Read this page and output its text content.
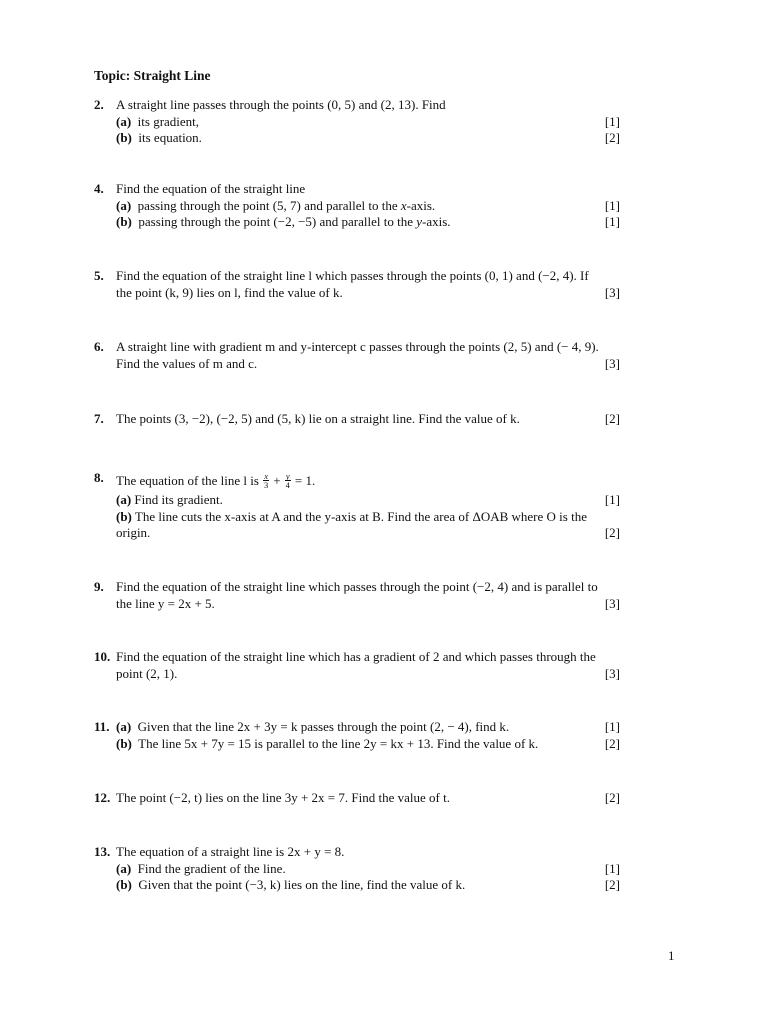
Topic: Straight Line
2. A straight line passes through the points (0, 5) and (2, 13). Find
(a) its gradient,	[1]
(b) its equation.	[2]
4. Find the equation of the straight line
(a) passing through the point (5, 7) and parallel to the x-axis.	[1]
(b) passing through the point (−2, −5) and parallel to the y-axis.	[1]
5. Find the equation of the straight line l which passes through the points (0, 1) and (−2, 4). If
the point (k, 9) lies on l, find the value of k.	[3]
6. A straight line with gradient m and y-intercept c passes through the points (2, 5) and (− 4, 9).
Find the values of m and c.	[3]
7. The points (3, −2), (−2, 5) and (5, k) lie on a straight line. Find the value of k.	[2]
8. The equation of the line l is $\frac{x}{3} + \frac{y}{4} = 1$.
(a) Find its gradient.	[1]
(b) The line cuts the x-axis at A and the y-axis at B. Find the area of ΔOAB where O is the
origin.	[2]
9. Find the equation of the straight line which passes through the point (−2, 4) and is parallel to
the line y = 2x + 5.	[3]
10. Find the equation of the straight line which has a gradient of 2 and which passes through the
point (2, 1).	[3]
11. (a) Given that the line 2x + 3y = k passes through the point (2, − 4), find k.	[1]
(b) The line 5x + 7y = 15 is parallel to the line 2y = kx + 13. Find the value of k.	[2]
12. The point (−2, t) lies on the line 3y + 2x = 7. Find the value of t.	[2]
13. The equation of a straight line is 2x + y = 8.
(a) Find the gradient of the line.	[1]
(b) Given that the point (−3, k) lies on the line, find the value of k.	[2]
1
